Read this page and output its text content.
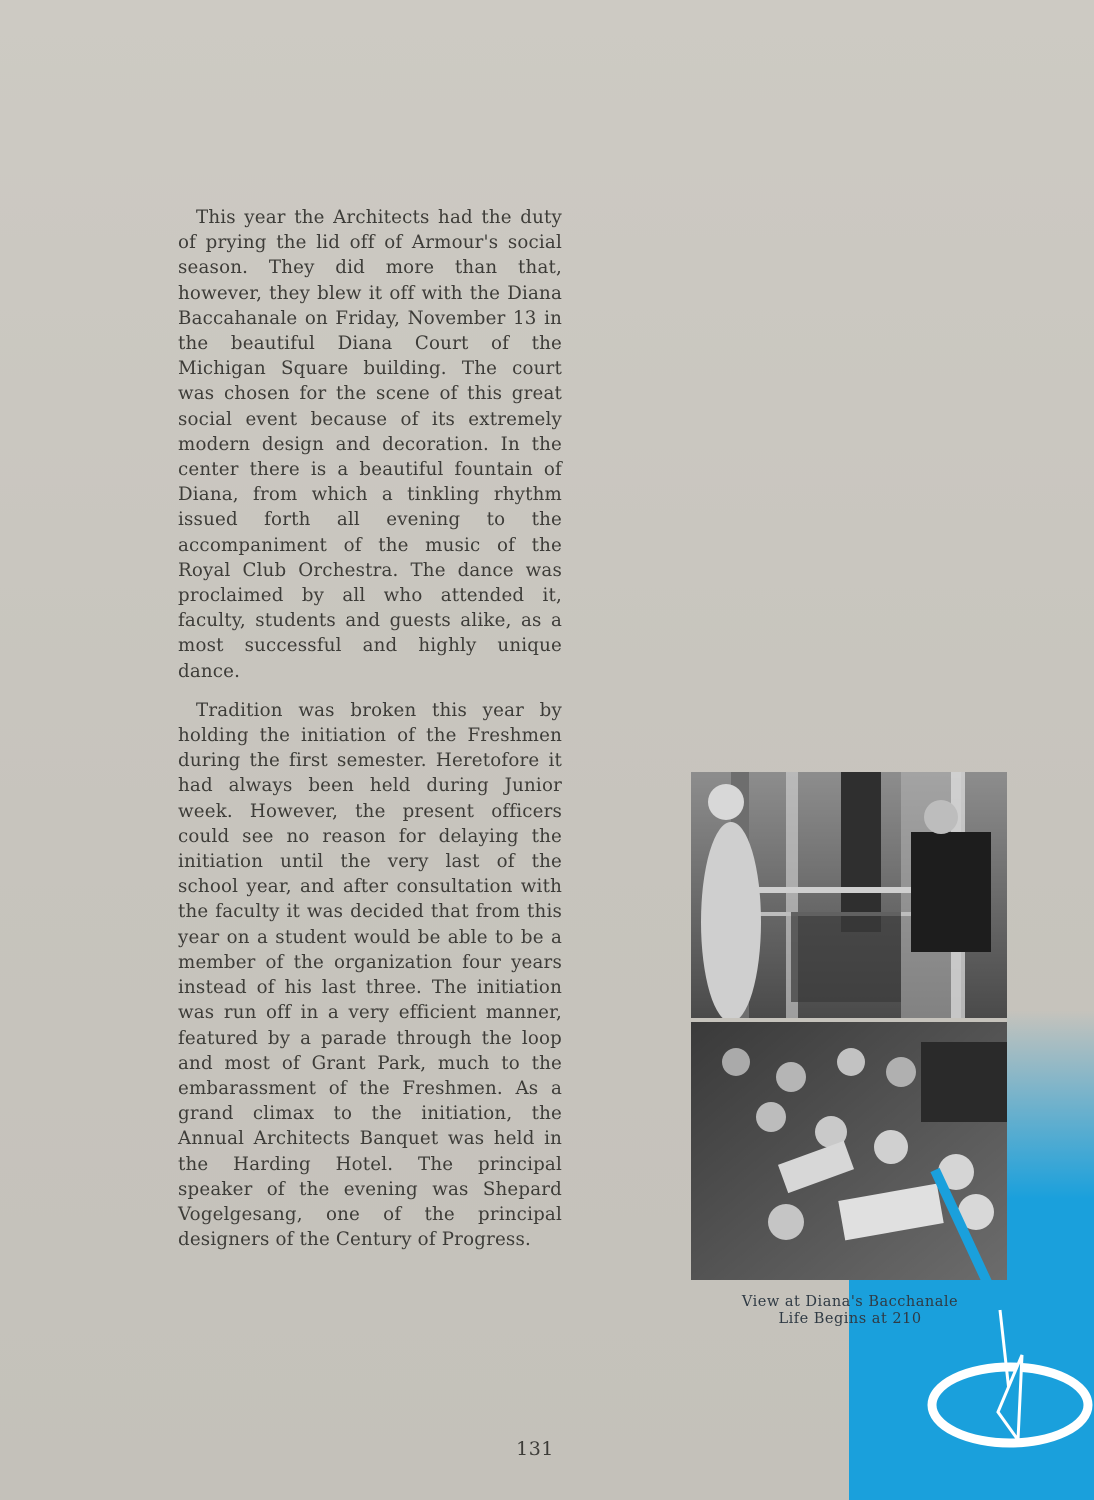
This year the Architects had the duty of prying the lid off of Armour's social season. They did more than that, however, they blew it off with the Diana Baccahanale on Friday, November 13 in the beautiful Diana Court of the Michigan Square building. The court was chosen for the scene of this great social event because of its extremely modern design and decoration. In the center there is a beautiful fountain of Diana, from which a tinkling rhythm issued forth all evening to the accompaniment of the music of the Royal Club Orchestra. The dance was proclaimed by all who attended it, faculty, students and guests alike, as a most successful and highly unique dance.

Tradition was broken this year by holding the initiation of the Freshmen during the first semester. Heretofore it had always been held during Junior week. However, the present officers could see no reason for delaying the initiation until the very last of the school year, and after consultation with the faculty it was decided that from this year on a student would be able to be a member of the organization four years instead of his last three. The initiation was run off in a very efficient manner, featured by a parade through the loop and most of Grant Park, much to the embarassment of the Freshmen. As a grand climax to the initiation, the Annual Architects Banquet was held in the Harding Hotel. The principal speaker of the evening was Shepard Vogelgesang, one of the principal designers of the Century of Progress.

View at Diana's Bacchanale
Life Begins at 210
131
